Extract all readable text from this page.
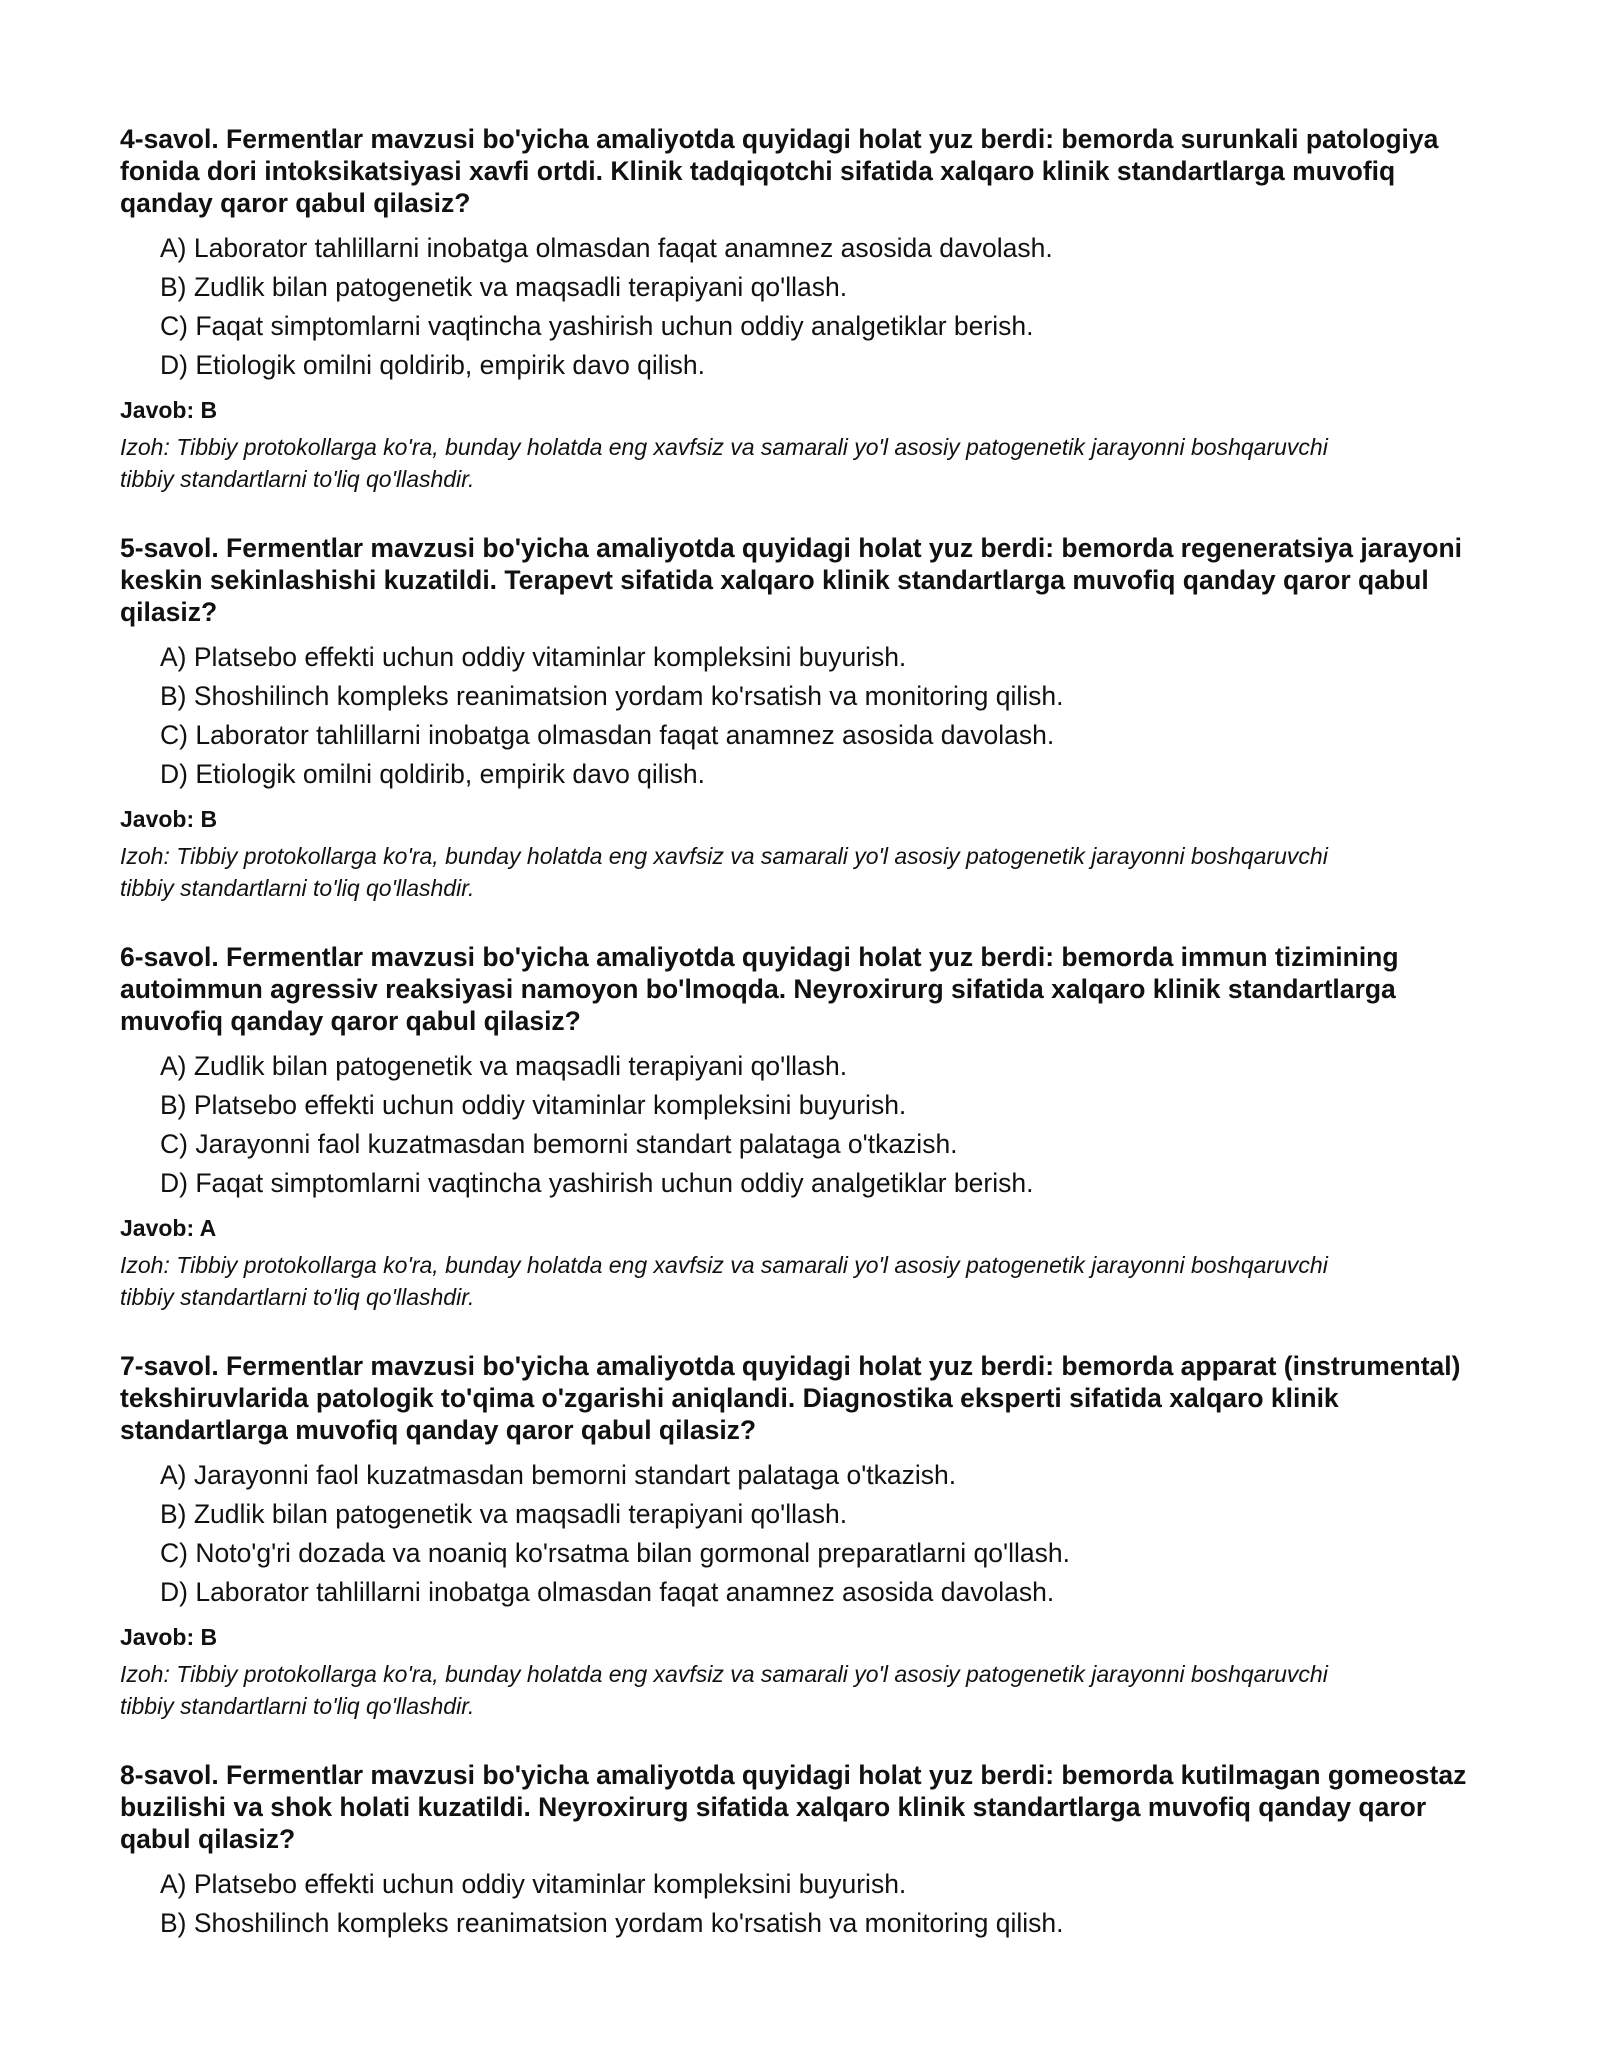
4-savol. Fermentlar mavzusi bo'yicha amaliyotda quyidagi holat yuz berdi: bemorda surunkali patologiya fonida dori intoksikatsiyasi xavfi ortdi. Klinik tadqiqotchi sifatida xalqaro klinik standartlarga muvofiq qanday qaror qabul qilasiz?

A) Laborator tahlillarni inobatga olmasdan faqat anamnez asosida davolash.
B) Zudlik bilan patogenetik va maqsadli terapiyani qo'llash.
C) Faqat simptomlarni vaqtincha yashirish uchun oddiy analgetiklar berish.
D) Etiologik omilni qoldirib, empirik davo qilish.

Javob: B

Izoh: Tibbiy protokollarga ko'ra, bunday holatda eng xavfsiz va samarali yo'l asosiy patogenetik jarayonni boshqaruvchi tibbiy standartlarni to'liq qo'llashdir.

5-savol. Fermentlar mavzusi bo'yicha amaliyotda quyidagi holat yuz berdi: bemorda regeneratsiya jarayoni keskin sekinlashishi kuzatildi. Terapevt sifatida xalqaro klinik standartlarga muvofiq qanday qaror qabul qilasiz?

A) Platsebo effekti uchun oddiy vitaminlar kompleksini buyurish.
B) Shoshilinch kompleks reanimatsion yordam ko'rsatish va monitoring qilish.
C) Laborator tahlillarni inobatga olmasdan faqat anamnez asosida davolash.
D) Etiologik omilni qoldirib, empirik davo qilish.

Javob: B

Izoh: Tibbiy protokollarga ko'ra, bunday holatda eng xavfsiz va samarali yo'l asosiy patogenetik jarayonni boshqaruvchi tibbiy standartlarni to'liq qo'llashdir.

6-savol. Fermentlar mavzusi bo'yicha amaliyotda quyidagi holat yuz berdi: bemorda immun tizimining autoimmun agressiv reaksiyasi namoyon bo'lmoqda. Neyroxirurg sifatida xalqaro klinik standartlarga muvofiq qanday qaror qabul qilasiz?

A) Zudlik bilan patogenetik va maqsadli terapiyani qo'llash.
B) Platsebo effekti uchun oddiy vitaminlar kompleksini buyurish.
C) Jarayonni faol kuzatmasdan bemorni standart palataga o'tkazish.
D) Faqat simptomlarni vaqtincha yashirish uchun oddiy analgetiklar berish.

Javob: A

Izoh: Tibbiy protokollarga ko'ra, bunday holatda eng xavfsiz va samarali yo'l asosiy patogenetik jarayonni boshqaruvchi tibbiy standartlarni to'liq qo'llashdir.

7-savol. Fermentlar mavzusi bo'yicha amaliyotda quyidagi holat yuz berdi: bemorda apparat (instrumental) tekshiruvlarida patologik to'qima o'zgarishi aniqlandi. Diagnostika eksperti sifatida xalqaro klinik standartlarga muvofiq qanday qaror qabul qilasiz?

A) Jarayonni faol kuzatmasdan bemorni standart palataga o'tkazish.
B) Zudlik bilan patogenetik va maqsadli terapiyani qo'llash.
C) Noto'g'ri dozada va noaniq ko'rsatma bilan gormonal preparatlarni qo'llash.
D) Laborator tahlillarni inobatga olmasdan faqat anamnez asosida davolash.

Javob: B

Izoh: Tibbiy protokollarga ko'ra, bunday holatda eng xavfsiz va samarali yo'l asosiy patogenetik jarayonni boshqaruvchi tibbiy standartlarni to'liq qo'llashdir.

8-savol. Fermentlar mavzusi bo'yicha amaliyotda quyidagi holat yuz berdi: bemorda kutilmagan gomeostaz buzilishi va shok holati kuzatildi. Neyroxirurg sifatida xalqaro klinik standartlarga muvofiq qanday qaror qabul qilasiz?

A) Platsebo effekti uchun oddiy vitaminlar kompleksini buyurish.
B) Shoshilinch kompleks reanimatsion yordam ko'rsatish va monitoring qilish.
